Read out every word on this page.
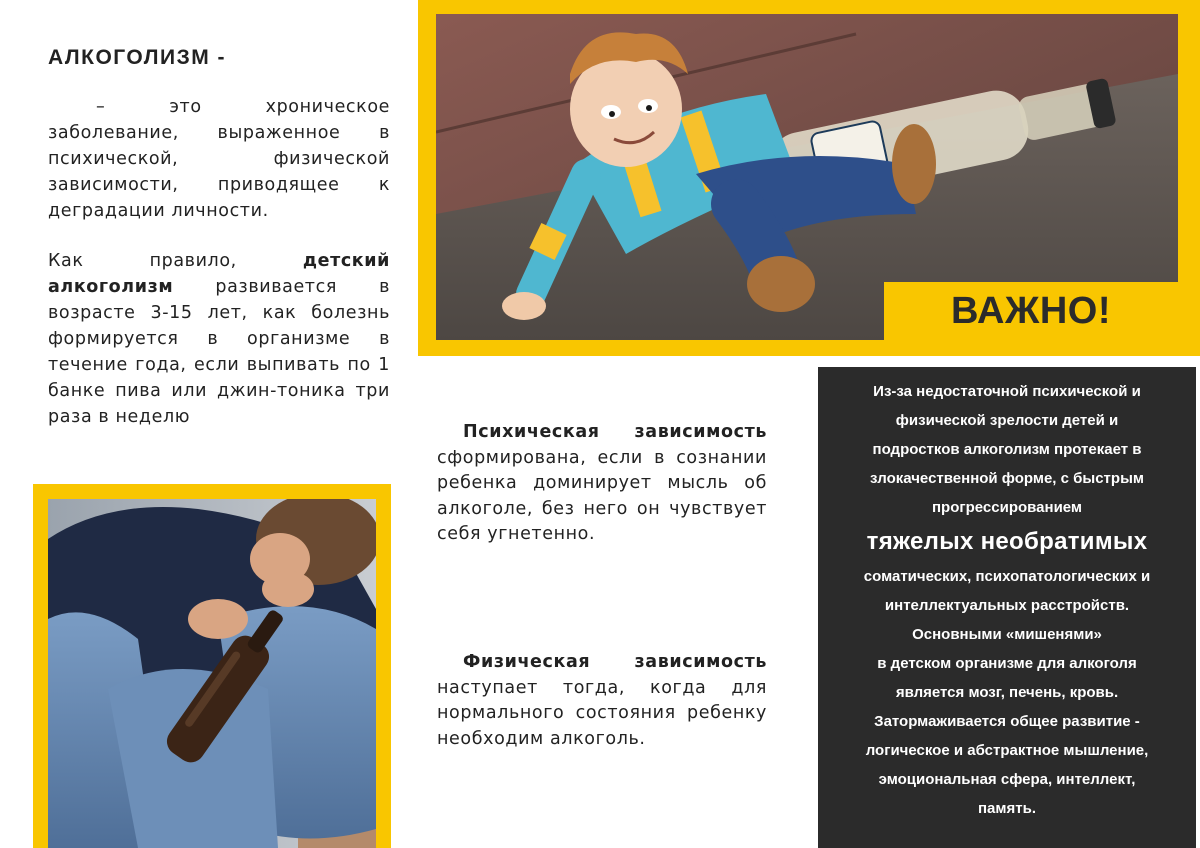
АЛКОГОЛИЗМ -

– это хроническое заболевание, выраженное в психической, физической зависимости, приводящее к деградации личности.

Как правило, детский алкоголизм развивается в возрасте 3-15 лет, как болезнь формируется в организме в течение года, если выпивать по 1 банке пива или джин-тоника три раза в неделю

ВАЖНО!

Психическая зависимость сформирована, если в сознании ребенка доминирует мысль об алкоголе, без него он чувствует себя угнетенно.

Физическая зависимость наступает тогда, когда для нормального состояния ребенку необходим алкоголь.

Из-за недостаточной психической и
физической зрелости детей и
подростков алкоголизм протекает в
злокачественной форме, с быстрым
прогрессированием
тяжелых необратимых
соматических, психопатологических и
интеллектуальных расстройств.
Основными «мишенями»
в детском организме для алкоголя
является мозг, печень, кровь.
Затормаживается общее развитие -
логическое и абстрактное мышление,
эмоциональная сфера, интеллект,
память.
